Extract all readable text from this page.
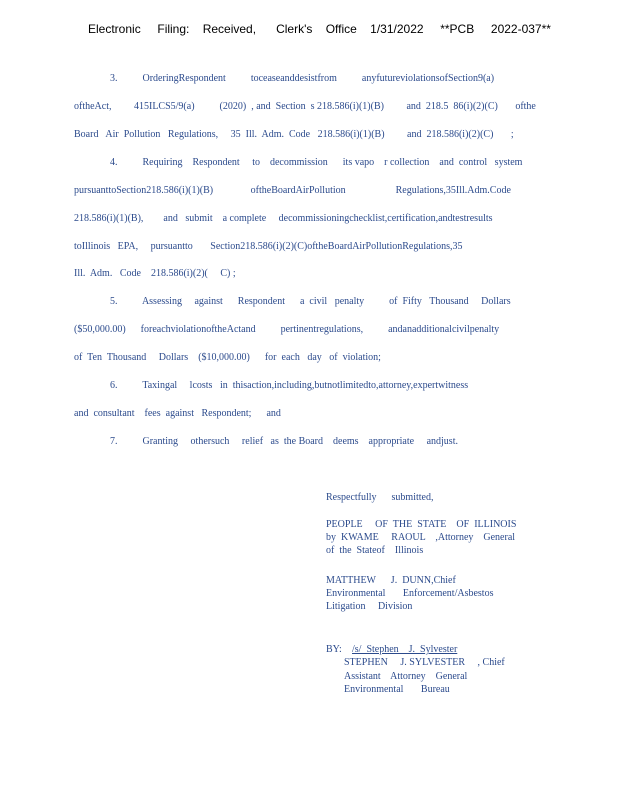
Electronic     Filing:    Received,      Clerk's    Office    1/31/2022     **PCB     2022-037**
3.          OrderingRespondent          toceaseanddesistfrom          anyfutureviolationsofSection9(a)
oftheAct,         415ILCS5/9(a)          (2020)  , and  Section  s 218.586(i)(1)(B)         and  218.5  86(i)(2)(C)       ofthe
Board   Air  Pollution   Regulations,     35  Ill.  Adm.  Code   218.586(i)(1)(B)         and  218.586(i)(2)(C)       ;
4.          Requiring    Respondent     to    decommission      its vapo    r collection    and  control   system
pursuanttoSection218.586(i)(1)(B)               oftheBoardAirPollution                    Regulations,35Ill.Adm.Code
218.586(i)(1)(B),        and   submit    a complete     decommissioningchecklist,certification,andtestresults
toIllinois   EPA,     pursuantto       Section218.586(i)(2)(C)oftheBoardAirPollutionRegulations,35
Ill.  Adm.   Code    218.586(i)(2)(     C) ;
5.          Assessing     against      Respondent      a  civil   penalty          of  Fifty   Thousand     Dollars
($50,000.00)      foreachviolationoftheActand          pertinentregulations,          andanadditionalcivilpenalty
of  Ten  Thousand     Dollars    ($10,000.00)      for  each   day   of  violation;
6.          Taxingal     lcosts   in  thisaction,including,butnotlimitedto,attorney,expertwitness
and  consultant    fees  against   Respondent;      and
7.          Granting     othersuch     relief   as  the Board    deems    appropriate     andjust.
Respectfully      submitted,
PEOPLE     OF  THE  STATE    OF  ILLINOIS
by  KWAME     RAOUL    ,Attorney    General
of  the  Stateof    Illinois
MATTHEW      J.  DUNN,Chief
Environmental       Enforcement/Asbestos
Litigation     Division
BY: /s/  Stephen    J.  Sylvester
STEPHEN     J. SYLVESTER     , Chief
Assistant    Attorney    General
Environmental       Bureau
